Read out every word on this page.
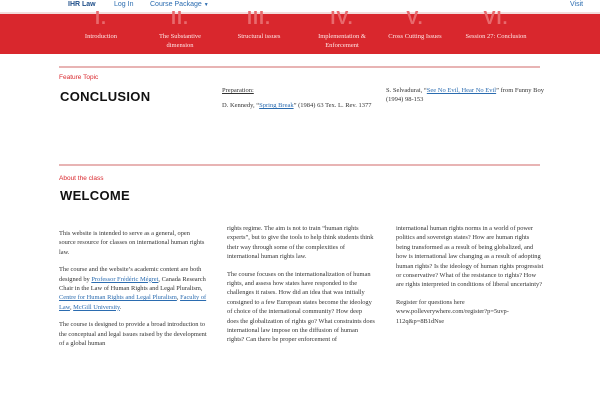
IHR Law	Log In Course Package ▼	Visit
I.
Introduction
II.
The Substantive dimension
III.
Structural issues
IV.
Implementation & Enforcement
V.
Cross Cutting Issues
VI.
Session 27: Conclusion
Feature Topic
CONCLUSION	Preparation:
D. Kennedy, “Spring Break” (1984) 63 Tex. L. Rev. 1377
S. Selvadurai, “See No Evil, Hear No Evil” from Funny Boy (1994) 98-153
About the class
WELCOME

This website is intended to serve as a general, open source resource for classes on international human rights law.

The course and the website’s academic content are both designed by Professor Frédéric Mégret, Canada Research Chair in the Law of Human Rights and Legal Pluralism, Centre for Human Rights and Legal Pluralism, Faculty of Law, McGill University.

The course is designed to provide a broad introduction to the conceptual and legal issues raised by the development of a global human

rights regime. The aim is not to train “human rights experts”, but to give the tools to help think students think their way through some of the complexities of international human rights law.

The course focuses on the internationalization of human rights, and assess how states have responded to the challenges it raises. How did an idea that was initially consigned to a few European states become the ideology of choice of the international community? How deep does the globalization of rights go? What constraints does international law impose on the diffusion of human rights? Can there be proper enforcement of

international human rights norms in a world of power politics and sovereign states? How are human rights being transformed as a result of being globalized, and how is international law changing as a result of adopting human rights? Is the ideology of human rights progressist or conservative? What of the resistance to rights? How are rights interpreted in conditions of liberal uncertainty?

Register for questions here www.polleverywhere.com/register?p=5uvp-112q&p=8B1dNse
